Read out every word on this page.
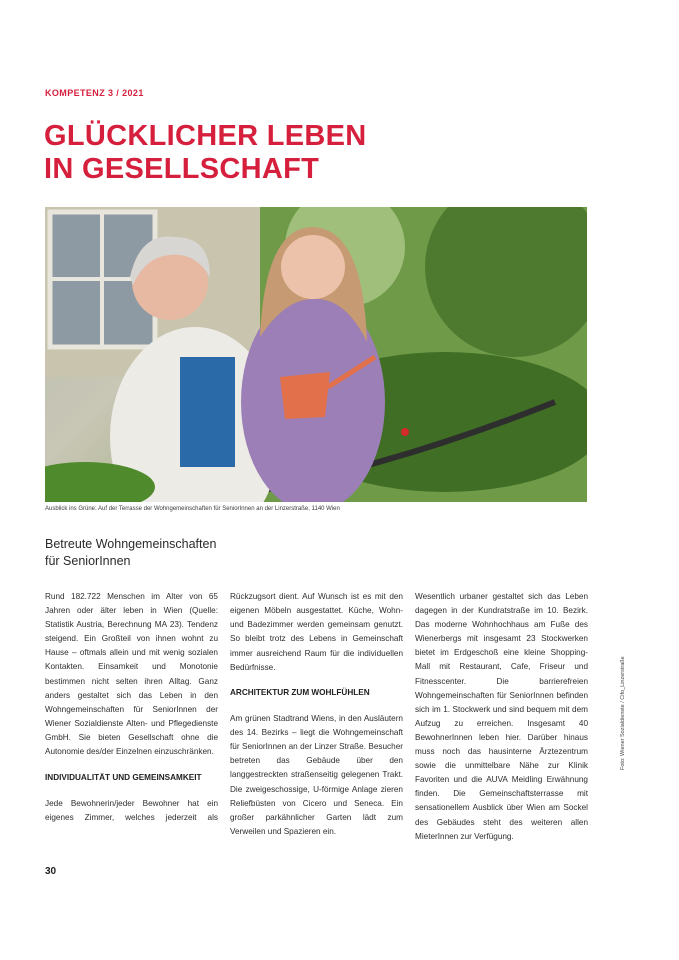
KOMPETENZ 3 / 2021
GLÜCKLICHER LEBEN
IN GESELLSCHAFT
Ausblick ins Grüne: Auf der Terrasse der Wohngemeinschaften für SeniorInnen an der Linzerstraße, 1140 Wien
Betreute Wohngemeinschaften
für SeniorInnen

Rund 182.722 Menschen im Alter von 65 Jahren oder älter leben in Wien (Quelle: Statistik Austria, Berechnung MA 23). Tendenz steigend. Ein Großteil von ihnen wohnt zu Hause – oftmals allein und mit wenig sozialen Kontakten. Einsamkeit und Monotonie bestimmen nicht selten ihren Alltag. Ganz anders gestaltet sich das Leben in den Wohngemeinschaften für SeniorInnen der Wiener Sozialdienste Alten- und Pflegedienste GmbH. Sie bieten Gesellschaft ohne die Autonomie des/der Einzelnen einzuschränken.

INDIVIDUALITÄT UND GEMEINSAMKEIT

Jede Bewohnerin/jeder Bewohner hat ein eigenes Zimmer, welches jederzeit als

Rückzugsort dient. Auf Wunsch ist es mit den eigenen Möbeln ausgestattet. Küche, Wohn- und Badezimmer werden gemeinsam genutzt. So bleibt trotz des Lebens in Gemeinschaft immer ausreichend Raum für die individuellen Bedürfnisse.

ARCHITEKTUR ZUM WOHLFÜHLEN

Am grünen Stadtrand Wiens, in den Ausläutern des 14. Bezirks – liegt die Wohngemeinschaft für SeniorInnen an der Linzer Straße. Besucher betreten das Gebäude über den langgestreckten straßenseitig gelegenen Trakt. Die zweigeschossige, U-förmige Anlage zieren Reliefbüsten von Cicero und Seneca. Ein großer parkähnlicher Garten lädt zum Verweilen und Spazieren ein.

Wesentlich urbaner gestaltet sich das Leben dagegen in der Kundratstraße im 10. Bezirk. Das moderne Wohnhochhaus am Fuße des Wienerbergs mit insgesamt 23 Stockwerken bietet im Erdgeschoß eine kleine Shopping-Mall mit Restaurant, Cafe, Friseur und Fitnesscenter. Die barrierefreien Wohngemeinschaften für SeniorInnen befinden sich im 1. Stockwerk und sind bequem mit dem Aufzug zu erreichen. Insgesamt 40 BewohnerInnen leben hier. Darüber hinaus muss noch das hausinterne Ärztezentrum sowie die unmittelbare Nähe zur Klinik Favoriten und die AUVA Meidling Erwähnung finden. Die Gemeinschaftsterrasse mit sensationellem Ausblick über Wien am Sockel des Gebäudes steht des weiteren allen MieterInnen zur Verfügung.

Foto: Wiener Sozialdienste / Cifo_Linzerstraße
30
